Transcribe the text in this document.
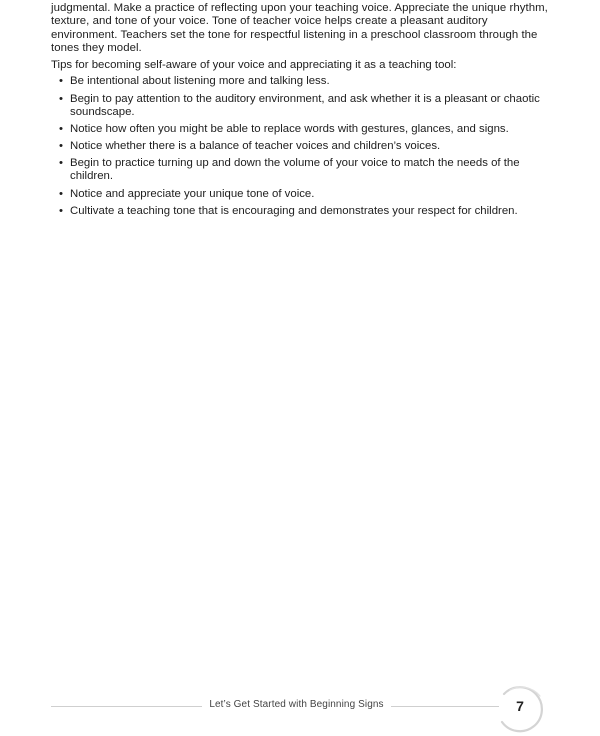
judgmental. Make a practice of reflecting upon your teaching voice. Appreciate the unique rhythm, texture, and tone of your voice. Tone of teacher voice helps create a pleasant auditory environment. Teachers set the tone for respectful listening in a preschool classroom through the tones they model.

Tips for becoming self-aware of your voice and appreciating it as a teaching tool:

• Be intentional about listening more and talking less.
• Begin to pay attention to the auditory environment, and ask whether it is a pleasant or chaotic soundscape.
• Notice how often you might be able to replace words with gestures, glances, and signs.
• Notice whether there is a balance of teacher voices and children’s voices.
• Begin to practice turning up and down the volume of your voice to match the needs of the children.
• Notice and appreciate your unique tone of voice.
• Cultivate a teaching tone that is encouraging and demonstrates your respect for children.
Let’s Get Started with Beginning Signs	7
